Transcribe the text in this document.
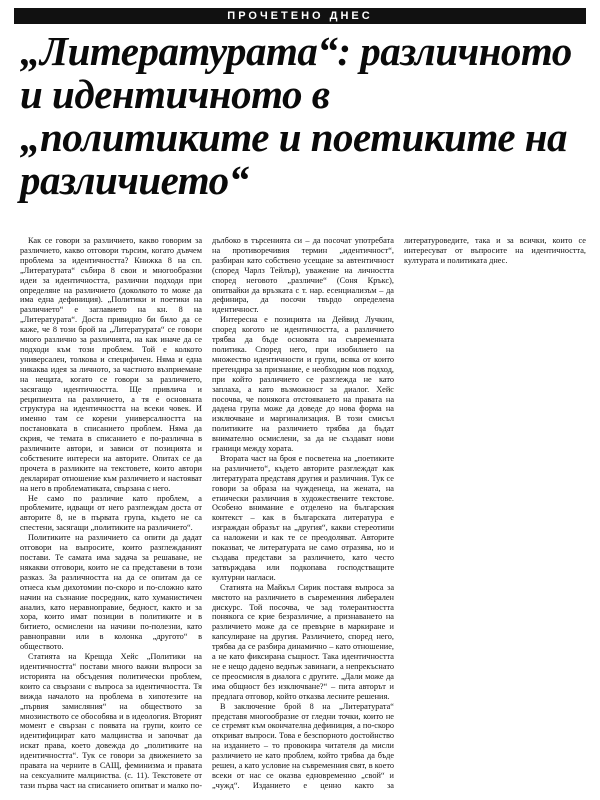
ПРОЧЕТЕНО ДНЕС
„Литературата“: различното и идентичното в „политиките и поетиките на различието“

Как се говори за различието, какво говорим за различието, какво отговори търсим, когато дъвчем проблема за идентичността? Книжка 8 на сп. „Литературата“ събира 8 свои и многообразни идеи за идентичността, различни подходи при определяне на различието (доколкото то може да има една дефиниция). „Политики и поетики на различието“ е заглавието на кн. 8 на „Литературата“. Доста привидно би било да се каже, че 8 този брой на „Литературата“ се говори много различно за различията, на как иначе да се подходи към този проблем. Той е колкото универсален, толкова и специфичен. Няма и една никаква идея за личното, за частното възприемане на нещата, когато се говори за различието, засягащо идентичността. Ще привлича и реципиента на различието, а тя е основната структура на идентичността на всеки човек. И именно там се корени универсалността на постановката в списанието проблем. Няма да скрия, че темата в списанието е по-различна в различните автори, и зависи от позицията и собствените интереси на авторите. Опитах се да прочета в разликите на текстовете, които автори декларират отношение към различието и настояват на него в проблематиката, свързана с него.

Не само по различие като проблем, а проблемите, идващи от него разглеждам доста от авторите 8, не в първата група, където не са спестени, засягащи „политиките на различието“.

Политиките на различието са опити да дадат отговори на въпросите, които разглежданият постави. Те самата има задача за решаване, не някакви отговори, които не са представени в този разказ. За различността на да се опитам да се отнеса към дихотомии по-скоро и по-сложно като начин на съзнание посредник, като хуманистичен анализ, като неравноправие, бедност, както и за хора, които имат позиции в политиките и в битието, осмислени на начини по-полезни, като равноправни или в колонка „другото“ в обществото.

Статията на Крешда Хейс „Политики на идентичността“ постави много важни въпроси за историята на обсъдения политически проблем, които са свързани с въпроса за идентичността. Тя вижда началото на проблема в хипотезите на „първия замисляния“ на обществото за мнозинството се обособява и в идеология. Вторият момент е свързан с появата на групи, които се идентифицират като малцинства и започват да искат права, което довежда до „политиките на идентичността“. Тук се говори за движението за правата на черните в САЩ, феминизма и правата на сексуалните малцинства. (с. 11). Текстовете от тази първа част на списанието опитват и малко по-дълбоко в търсенията си – да посочат употребата на противоречивия термин „идентичност“, разбиран като собствено усещане за автентичност (според Чарлз Тейлър), уважение на личността според неговото „различие“ (Соня Кръкс), опитвайки да връзката с т. нар. есенциализъм – да дефинира, да посочи твърдо определена идентичност.

Интересна е позицията на Дейвид Лучкин, според когото не идентичността, а различието трябва да бъде основата на съвременната политика. Според него, при изобилието на множество идентичности и групи, всяка от които претендира за признание, е необходим нов подход, при който различието се разглежда не като заплаха, а като възможност за диалог. Хейс посочва, че понякога отстояването на правата на дадена група може да доведе до нова форма на изключване и маргинализация. В този смисъл политиките на различието трябва да бъдат внимателно осмислени, за да не създават нови граници между хората.

Втората част на броя е посветена на „поетиките на различието“, където авторите разглеждат как литературата представя другия и различния. Тук се говори за образа на чужденеца, на жената, на етнически различния в художествените текстове. Особено внимание е отделено на българския контекст – как в българската литература е изграждан образът на „другия“, какви стереотипи са наложени и как те се преодоляват. Авторите показват, че литературата не само отразява, но и създава представи за различието, като често затвърждава или подкопава господстващите културни нагласи.

Статията на Майкъл Сирик поставя въпроса за мястото на различието в съвременния либерален дискурс. Той посочва, че зад толерантността понякога се крие безразличие, а признаването на различието може да се превърне в маркиране и капсулиране на другия. Различието, според него, трябва да се разбира динамично – като отношение, а не като фиксирана същност. Така идентичността не е нещо дадено веднъж завинаги, а непрекъснато се преосмисля в диалога с другите. „Дали може да има общност без изключване?“ – пита авторът и предлага отговор, който отказва лесните решения.

В заключение брой 8 на „Литературата“ представя многообразие от гледни точки, които не се стремят към окончателна дефиниция, а по-скоро откриват въпроси. Това е безспорното достойнство на изданието – то провокира читателя да мисли различието не като проблем, който трябва да бъде решен, а като условие на съвременния свят, в което всеки от нас се оказва едновременно „свой“ и „чужд“. Изданието е ценно както за литературоведите, така и за всички, които се интересуват от въпросите на идентичността, културата и политиката днес.
